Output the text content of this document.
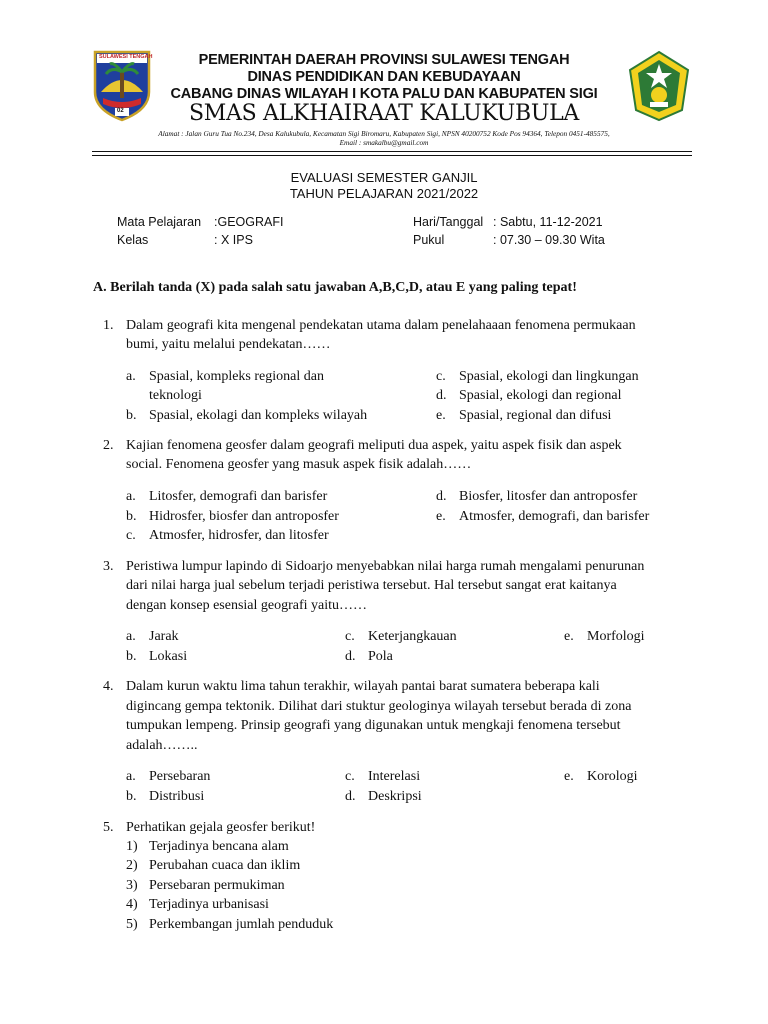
SULAWESI TENGAH
02
PEMERINTAH DAERAH PROVINSI SULAWESI TENGAH
DINAS PENDIDIKAN DAN KEBUDAYAAN
CABANG DINAS WILAYAH I KOTA PALU DAN KABUPATEN SIGI
SMAS ALKHAIRAAT KALUKUBULA
Alamat : Jalan Guru Tua No.234, Desa Kalukubula, Kecamatan Sigi Biromaru, Kabupaten Sigi, NPSN 40200752 Kode Pos 94364, Telepon 0451-485575,
Email : smakalbu@gmail.com
EVALUASI SEMESTER GANJIL
TAHUN PELAJARAN 2021/2022
Mata Pelajaran :GEOGRAFI
Kelas	: X IPS
Hari/Tanggal : Sabtu, 11-12-2021
Pukul	: 07.30 – 09.30 Wita
A. Berilah tanda (X) pada salah satu jawaban A,B,C,D, atau E yang paling tepat!
1. Dalam geografi kita mengenal pendekatan utama dalam penelahaaan fenomena permukaan
bumi, yaitu melalui pendekatan……
a. Spasial, kompleks regional dan
teknologi
b. Spasial, ekolagi dan kompleks wilayah
c. Spasial, ekologi dan lingkungan
d. Spasial, ekologi dan regional
e. Spasial, regional dan difusi
2. Kajian fenomena geosfer dalam geografi meliputi dua aspek, yaitu aspek fisik dan aspek
social. Fenomena geosfer yang masuk aspek fisik adalah……
a. Litosfer, demografi dan barisfer
b. Hidrosfer, biosfer dan antroposfer
c. Atmosfer, hidrosfer, dan litosfer
d. Biosfer, litosfer dan antroposfer
e. Atmosfer, demografi, dan barisfer
3. Peristiwa lumpur lapindo di Sidoarjo menyebabkan nilai harga rumah mengalami penurunan
dari nilai harga jual sebelum terjadi peristiwa tersebut. Hal tersebut sangat erat kaitanya
dengan konsep esensial geografi yaitu……
a. Jarak
b. Lokasi
c. Keterjangkauan
d. Pola
e. Morfologi
4. Dalam kurun waktu lima tahun terakhir, wilayah pantai barat sumatera beberapa kali
digincang gempa tektonik. Dilihat dari stuktur geologinya wilayah tersebut berada di zona
tumpukan lempeng. Prinsip geografi yang digunakan untuk mengkaji fenomena tersebut
adalah……..
a. Persebaran
b. Distribusi
c. Interelasi
d. Deskripsi
e. Korologi
5. Perhatikan gejala geosfer berikut!
1) Terjadinya bencana alam
2) Perubahan cuaca dan iklim
3) Persebaran permukiman
4) Terjadinya urbanisasi
5) Perkembangan jumlah penduduk
